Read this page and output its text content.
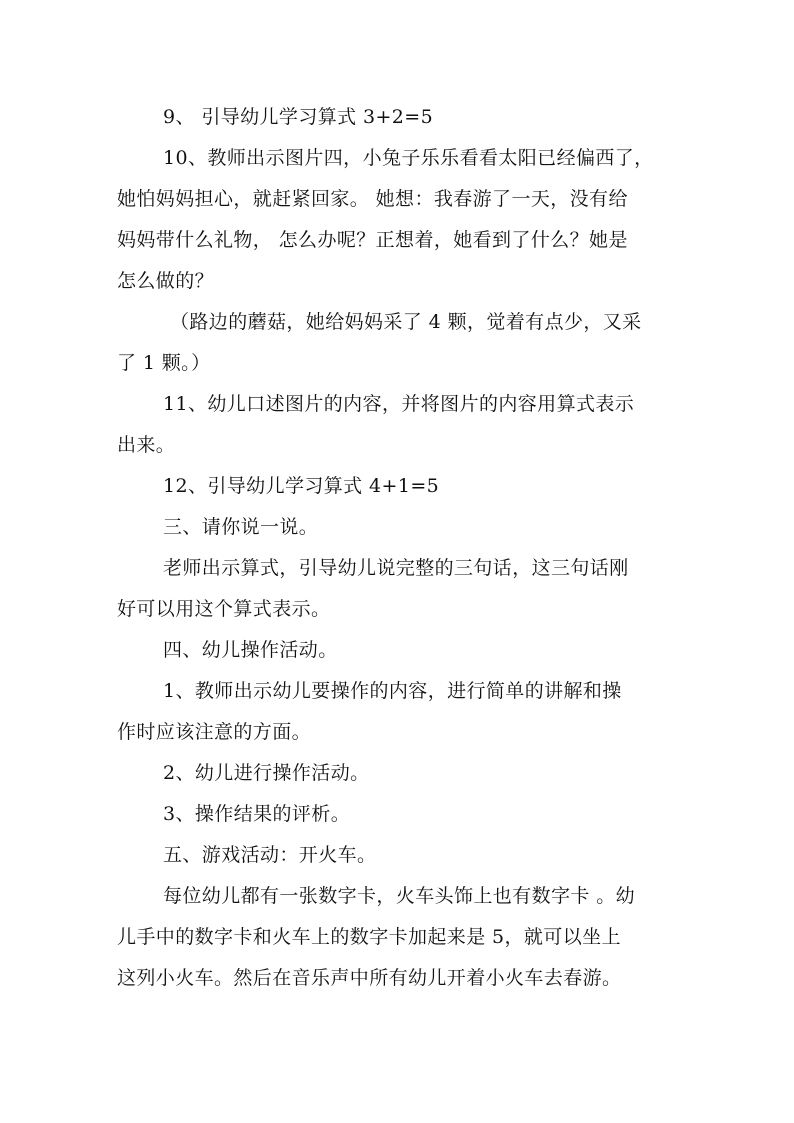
9、 引导幼儿学习算式 3+2=5

10、教师出示图片四，小兔子乐乐看看太阳已经偏西了，
她怕妈妈担心，就赶紧回家。 她想：我春游了一天，没有给
妈妈带什么礼物， 怎么办呢？正想着，她看到了什么？她是
怎么做的？

（路边的蘑菇，她给妈妈采了 4 颗，觉着有点少，又采
了 1 颗。）

11、幼儿口述图片的内容，并将图片的内容用算式表示
出来。

12、引导幼儿学习算式 4+1=5

三、请你说一说。

老师出示算式，引导幼儿说完整的三句话，这三句话刚
好可以用这个算式表示。

四、幼儿操作活动。

1、教师出示幼儿要操作的内容，进行简单的讲解和操
作时应该注意的方面。

2、幼儿进行操作活动。

3、操作结果的评析。

五、游戏活动：开火车。

每位幼儿都有一张数字卡，火车头饰上也有数字卡 。幼
儿手中的数字卡和火车上的数字卡加起来是 5，就可以坐上
这列小火车。然后在音乐声中所有幼儿开着小火车去春游。
